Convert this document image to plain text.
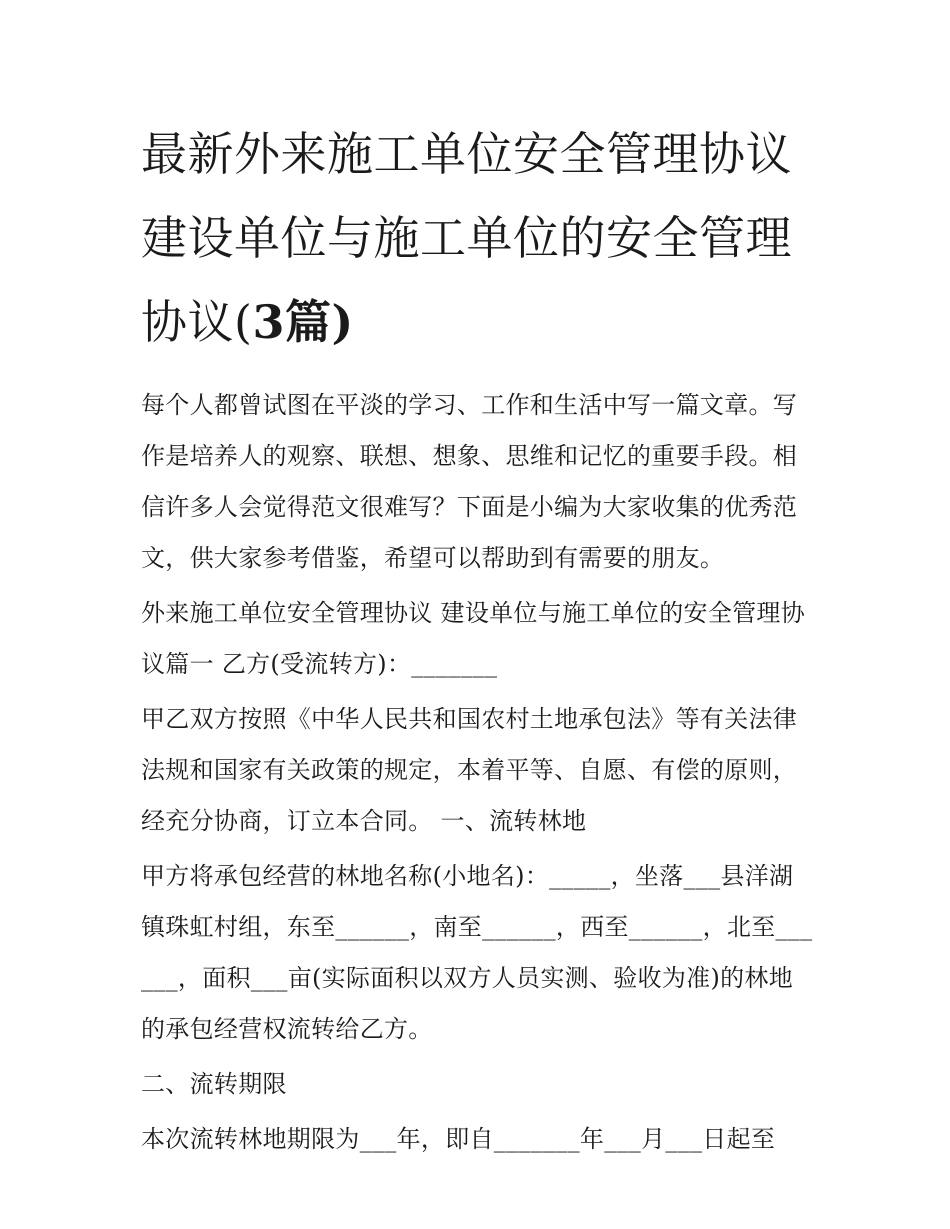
最新外来施工单位安全管理协议 建设单位与施工单位的安全管理协议(3篇)

每个人都曾试图在平淡的学习、工作和生活中写一篇文章。写作是培养人的观察、联想、想象、思维和记忆的重要手段。相信许多人会觉得范文很难写？下面是小编为大家收集的优秀范文，供大家参考借鉴，希望可以帮助到有需要的朋友。

外来施工单位安全管理协议 建设单位与施工单位的安全管理协议篇一 乙方(受流转方)：_______

甲乙双方按照《中华人民共和国农村土地承包法》等有关法律法规和国家有关政策的规定，本着平等、自愿、有偿的原则，经充分协商，订立本合同。 一、流转林地

甲方将承包经营的林地名称(小地名)：_____，坐落___县洋湖镇珠虹村组，东至______，南至______，西至______，北至______，面积___亩(实际面积以双方人员实测、验收为准)的林地的承包经营权流转给乙方。

二、流转期限

本次流转林地期限为___年，即自_______年___月___日起至
